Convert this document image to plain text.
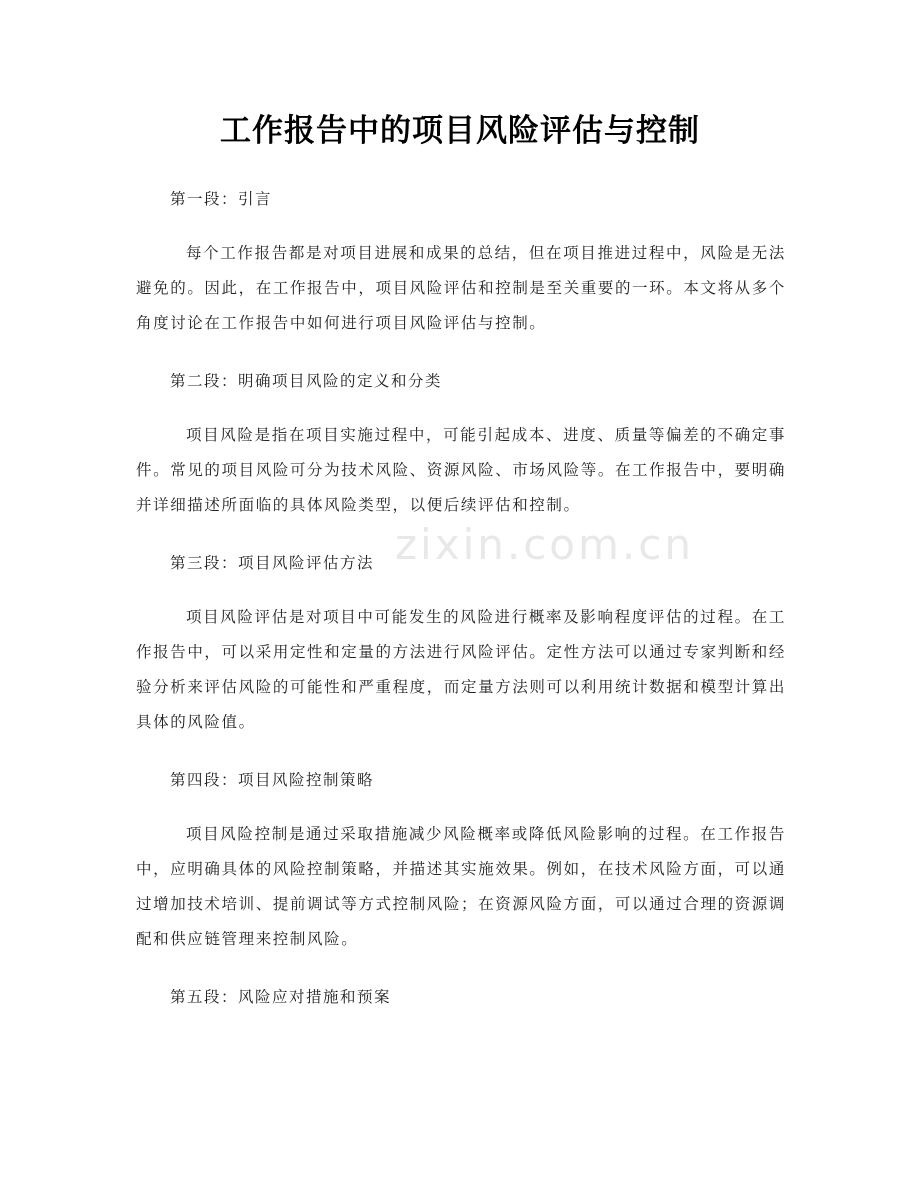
工作报告中的项目风险评估与控制
zixin.com.cn
第一段：引言
每个工作报告都是对项目进展和成果的总结，但在项目推进过程中，风险是无法避免的。因此，在工作报告中，项目风险评估和控制是至关重要的一环。本文将从多个角度讨论在工作报告中如何进行项目风险评估与控制。
第二段：明确项目风险的定义和分类
项目风险是指在项目实施过程中，可能引起成本、进度、质量等偏差的不确定事件。常见的项目风险可分为技术风险、资源风险、市场风险等。在工作报告中，要明确并详细描述所面临的具体风险类型，以便后续评估和控制。
第三段：项目风险评估方法
项目风险评估是对项目中可能发生的风险进行概率及影响程度评估的过程。在工作报告中，可以采用定性和定量的方法进行风险评估。定性方法可以通过专家判断和经验分析来评估风险的可能性和严重程度，而定量方法则可以利用统计数据和模型计算出具体的风险值。
第四段：项目风险控制策略
项目风险控制是通过采取措施减少风险概率或降低风险影响的过程。在工作报告中，应明确具体的风险控制策略，并描述其实施效果。例如，在技术风险方面，可以通过增加技术培训、提前调试等方式控制风险；在资源风险方面，可以通过合理的资源调配和供应链管理来控制风险。
第五段：风险应对措施和预案
